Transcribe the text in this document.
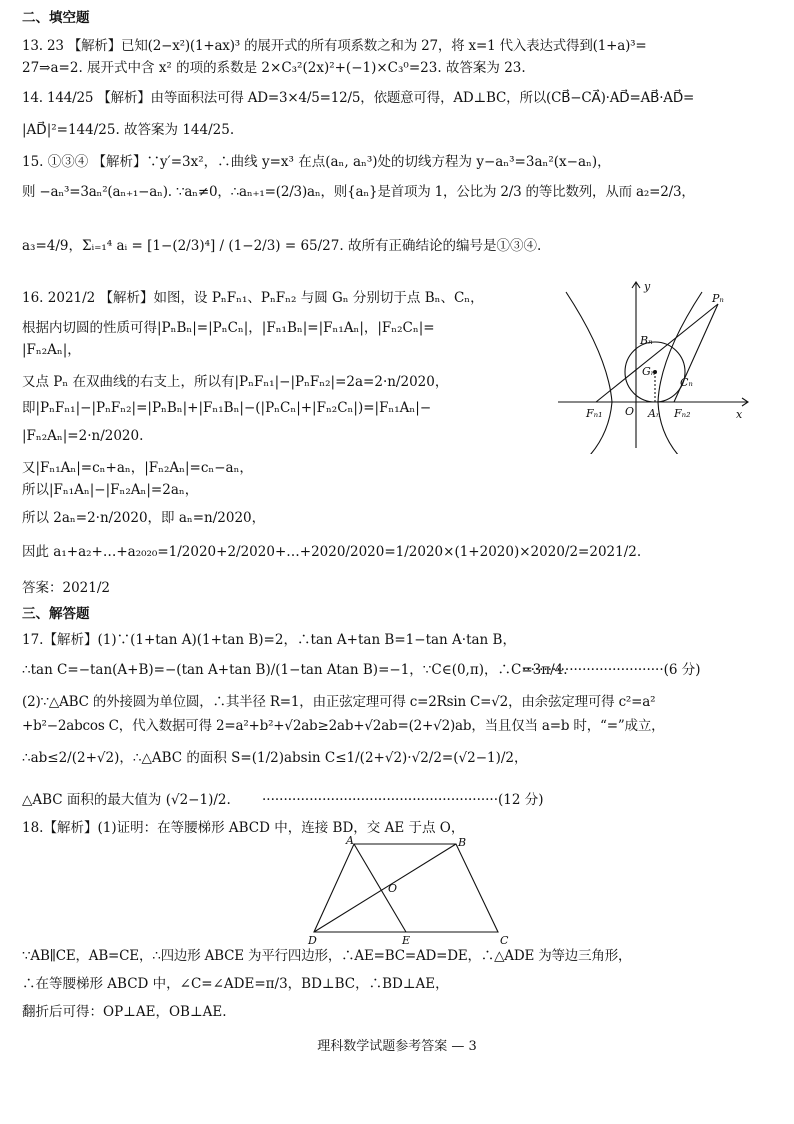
二、填空题
13. 23 【解析】已知(2−x²)(1+ax)³ 的展开式的所有项系数之和为 27，将 x=1 代入表达式得到(1+a)³=
27⇒a=2. 展开式中含 x² 的项的系数是 2×C₃²(2x)²+(−1)×C₃⁰=23. 故答案为 23.
14. 144/25 【解析】由等面积法可得 AD=3×4/5=12/5，依题意可得，AD⊥BC，所以(CB⃗−CA⃗)·AD⃗=AB⃗·AD⃗=
|AD⃗|²=144/25. 故答案为 144/25.
15. ①③④ 【解析】∵y′=3x²，∴曲线 y=x³ 在点(aₙ, aₙ³)处的切线方程为 y−aₙ³=3aₙ²(x−aₙ)，
则 −aₙ³=3aₙ²(aₙ₊₁−aₙ). ∵aₙ≠0，∴aₙ₊₁=(2/3)aₙ，则{aₙ}是首项为 1，公比为 2/3 的等比数列，从而 a₂=2/3，
a₃=4/9，Σᵢ₌₁⁴ aᵢ = [1−(2/3)⁴] / (1−2/3) = 65/27. 故所有正确结论的编号是①③④.
16. 2021/2 【解析】如图，设 PₙFₙ₁、PₙFₙ₂ 与圆 Gₙ 分别切于点 Bₙ、Cₙ，
根据内切圆的性质可得|PₙBₙ|=|PₙCₙ|，|Fₙ₁Bₙ|=|Fₙ₁Aₙ|，|Fₙ₂Cₙ|=
|Fₙ₂Aₙ|，
又点 Pₙ 在双曲线的右支上，所以有|PₙFₙ₁|−|PₙFₙ₂|=2a=2·n/2020，
即|PₙFₙ₁|−|PₙFₙ₂|=|PₙBₙ|+|Fₙ₁Bₙ|−(|PₙCₙ|+|Fₙ₂Cₙ|)=|Fₙ₁Aₙ|−
|Fₙ₂Aₙ|=2·n/2020.
又|Fₙ₁Aₙ|=cₙ+aₙ，|Fₙ₂Aₙ|=cₙ−aₙ，
所以|Fₙ₁Aₙ|−|Fₙ₂Aₙ|=2aₙ，
所以 2aₙ=2·n/2020，即 aₙ=n/2020，
因此 a₁+a₂+…+a₂₀₂₀=1/2020+2/2020+…+2020/2020=1/2020×(1+2020)×2020/2=2021/2.
答案：2021/2
y
x
O
Pₙ
Bₙ
Gₙ
Cₙ
Fₙ₁	Aₙ Fₙ₂
三、解答题
17.【解析】(1)∵(1+tan A)(1+tan B)=2，∴tan A+tan B=1−tan A·tan B，
∴tan C=−tan(A+B)=−(tan A+tan B)/(1−tan Atan B)=−1，∵C∈(0,π)，∴C=3π/4.
·································(6 分)
(2)∵△ABC 的外接圆为单位圆，∴其半径 R=1，由正弦定理可得 c=2Rsin C=√2，由余弦定理可得 c²=a²
+b²−2abcos C，代入数据可得 2=a²+b²+√2ab≥2ab+√2ab=(2+√2)ab，当且仅当 a=b 时，“=”成立，
∴ab≤2/(2+√2)，∴△ABC 的面积 S=(1/2)absin C≤1/(2+√2)·√2/2=(√2−1)/2，
△ABC 面积的最大值为 (√2−1)/2. ·······················································(12 分)
18.【解析】(1)证明：在等腰梯形 ABCD 中，连接 BD，交 AE 于点 O，
A	B
O
D	E	C
∵AB∥CE，AB=CE，∴四边形 ABCE 为平行四边形，∴AE=BC=AD=DE，∴△ADE 为等边三角形，
∴在等腰梯形 ABCD 中，∠C=∠ADE=π/3，BD⊥BC，∴BD⊥AE，
翻折后可得：OP⊥AE，OB⊥AE.
理科数学试题参考答案 — 3
